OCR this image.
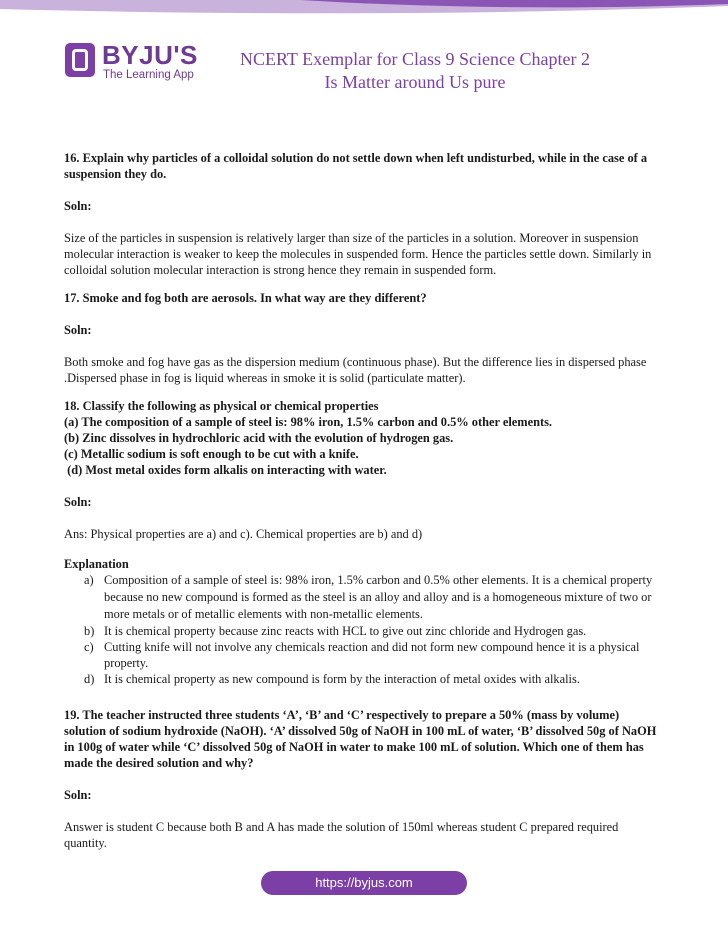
BYJU'S
The Learning App
NCERT Exemplar for Class 9 Science Chapter 2
Is Matter around Us pure
16. Explain why particles of a colloidal solution do not settle down when left undisturbed, while in the case of a suspension they do.
Soln:
Size of the particles in suspension is relatively larger than size of the particles in a solution. Moreover in suspension molecular interaction is weaker to keep the molecules in suspended form. Hence the particles settle down. Similarly in colloidal solution molecular interaction is strong hence they remain in suspended form.
17. Smoke and fog both are aerosols. In what way are they different?
Soln:
Both smoke and fog have gas as the dispersion medium (continuous phase). But the difference lies in dispersed phase .Dispersed phase in fog is liquid whereas in smoke it is solid (particulate matter).
18. Classify the following as physical or chemical properties
(a) The composition of a sample of steel is: 98% iron, 1.5% carbon and 0.5% other elements.
(b) Zinc dissolves in hydrochloric acid with the evolution of hydrogen gas.
(c) Metallic sodium is soft enough to be cut with a knife.
(d) Most metal oxides form alkalis on interacting with water.
Soln:
Ans: Physical properties are a) and c). Chemical properties are b) and d)
Explanation
a) Composition of a sample of steel is: 98% iron, 1.5% carbon and 0.5% other elements. It is a chemical property because no new compound is formed as the steel is an alloy and alloy and is a homogeneous mixture of two or more metals or of metallic elements with non-metallic elements.
b) It is chemical property because zinc reacts with HCL to give out zinc chloride and Hydrogen gas.
c) Cutting knife will not involve any chemicals reaction and did not form new compound hence it is a physical property.
d) It is chemical property as new compound is form by the interaction of metal oxides with alkalis.
19. The teacher instructed three students ‘A’, ‘B’ and ‘C’ respectively to prepare a 50% (mass by volume) solution of sodium hydroxide (NaOH). ‘A’ dissolved 50g of NaOH in 100 mL of water, ‘B’ dissolved 50g of NaOH in 100g of water while ‘C’ dissolved 50g of NaOH in water to make 100 mL of solution. Which one of them has made the desired solution and why?
Soln:
Answer is student C because both B and A has made the solution of 150ml whereas student C prepared required quantity.
https://byjus.com
